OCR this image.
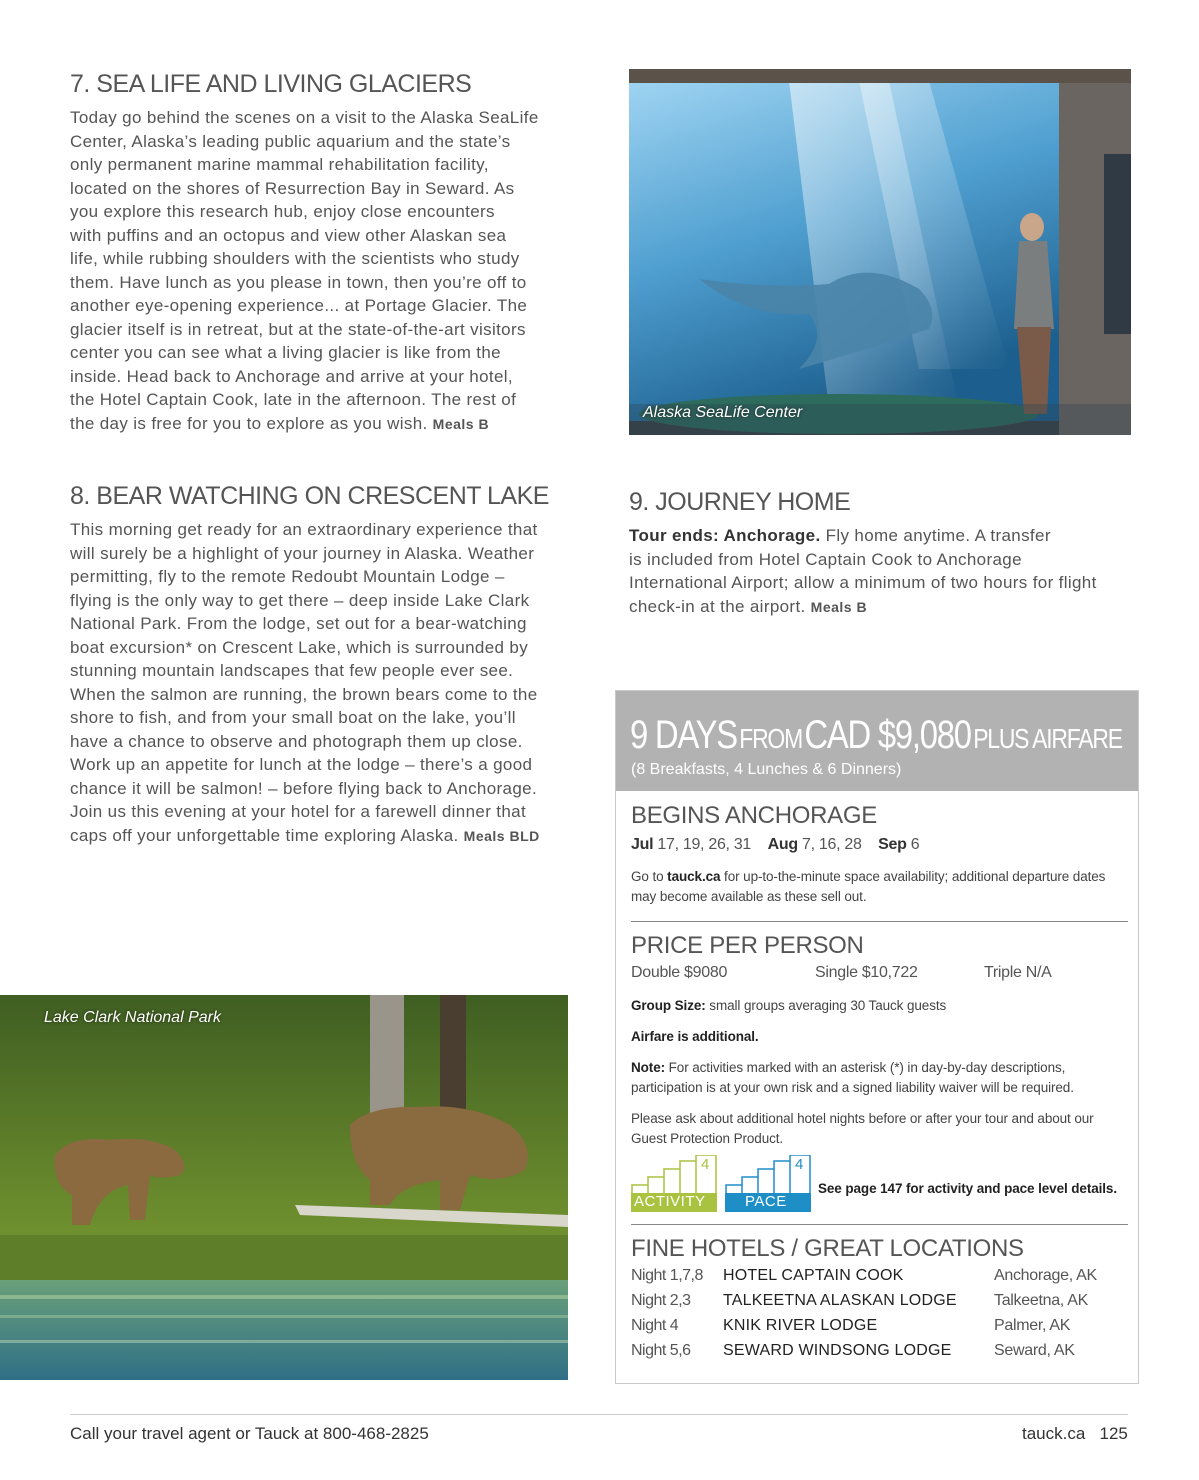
7. SEA LIFE AND LIVING GLACIERS
Today go behind the scenes on a visit to the Alaska SeaLife
Center, Alaska’s leading public aquarium and the state’s
only permanent marine mammal rehabilitation facility,
located on the shores of Resurrection Bay in Seward. As
you explore this research hub, enjoy close encounters
with puffins and an octopus and view other Alaskan sea
life, while rubbing shoulders with the scientists who study
them. Have lunch as you please in town, then you’re off to
another eye-opening experience... at Portage Glacier. The
glacier itself is in retreat, but at the state-of-the-art visitors
center you can see what a living glacier is like from the
inside. Head back to Anchorage and arrive at your hotel,
the Hotel Captain Cook, late in the afternoon. The rest of
the day is free for you to explore as you wish. Meals B
Alaska SeaLife Center
8. BEAR WATCHING ON CRESCENT LAKE
This morning get ready for an extraordinary experience that
will surely be a highlight of your journey in Alaska. Weather
permitting, fly to the remote Redoubt Mountain Lodge –
flying is the only way to get there – deep inside Lake Clark
National Park. From the lodge, set out for a bear-watching
boat excursion* on Crescent Lake, which is surrounded by
stunning mountain landscapes that few people ever see.
When the salmon are running, the brown bears come to the
shore to fish, and from your small boat on the lake, you’ll
have a chance to observe and photograph them up close.
Work up an appetite for lunch at the lodge – there’s a good
chance it will be salmon! – before flying back to Anchorage.
Join us this evening at your hotel for a farewell dinner that
caps off your unforgettable time exploring Alaska. Meals BLD
9. JOURNEY HOME
Tour ends: Anchorage. Fly home anytime. A transfer
is included from Hotel Captain Cook to Anchorage
International Airport; allow a minimum of two hours for flight
check-in at the airport. Meals B
Lake Clark National Park
9 DAYS FROM CAD $9,080 PLUS AIRFARE
(8 Breakfasts, 4 Lunches & 6 Dinners)
BEGINS ANCHORAGE
Jul 17, 19, 26, 31 Aug 7, 16, 28 Sep 6
Go to tauck.ca for up-to-the-minute space availability; additional departure dates may become available as these sell out.
PRICE PER PERSON
Double $9080	Single $10,722	Triple N/A
Group Size: small groups averaging 30 Tauck guests
Airfare is additional.
Note: For activities marked with an asterisk (*) in day-by-day descriptions, participation is at your own risk and a signed liability waiver will be required.
Please ask about additional hotel nights before or after your tour and about our Guest Protection Product.
4
ACTIVITY
4
PACE
See page 147 for activity and pace level details.
FINE HOTELS / GREAT LOCATIONS
Night 1,7,8 HOTEL CAPTAIN COOK	Anchorage, AK
Night 2,3 TALKEETNA ALASKAN LODGE Talkeetna, AK
Night 4	KNIK RIVER LODGE	Palmer, AK
Night 5,6 SEWARD WINDSONG LODGE	Seward, AK
Call your travel agent or Tauck at 800-468-2825	tauck.ca 125
